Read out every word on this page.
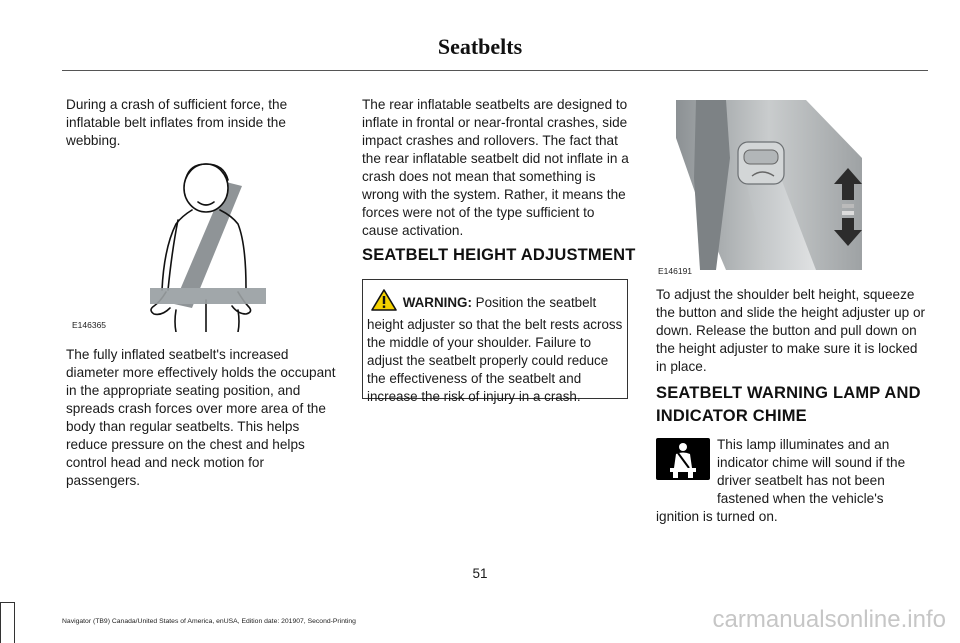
Seatbelts
During a crash of sufficient force, the inflatable belt inflates from inside the webbing.
E146365
The fully inflated seatbelt's increased diameter more effectively holds the occupant in the appropriate seating position, and spreads crash forces over more area of the body than regular seatbelts. This helps reduce pressure on the chest and helps control head and neck motion for passengers.
The rear inflatable seatbelts are designed to inflate in frontal or near-frontal crashes, side impact crashes and rollovers. The fact that the rear inflatable seatbelt did not inflate in a crash does not mean that something is wrong with the system. Rather, it means the forces were not of the type sufficient to cause activation.
SEATBELT HEIGHT ADJUSTMENT
WARNING: Position the seatbelt height adjuster so that the belt rests across the middle of your shoulder. Failure to adjust the seatbelt properly could reduce the effectiveness of the seatbelt and increase the risk of injury in a crash.
E146191
To adjust the shoulder belt height, squeeze the button and slide the height adjuster up or down. Release the button and pull down on the height adjuster to make sure it is locked in place.
SEATBELT WARNING LAMP AND
INDICATOR CHIME
This lamp illuminates and an indicator chime will sound if the driver seatbelt has not been fastened when the vehicle's ignition is turned on.
51
Navigator (TB9) Canada/United States of America, enUSA, Edition date: 201907, Second-Printing	carmanualsonline.info
